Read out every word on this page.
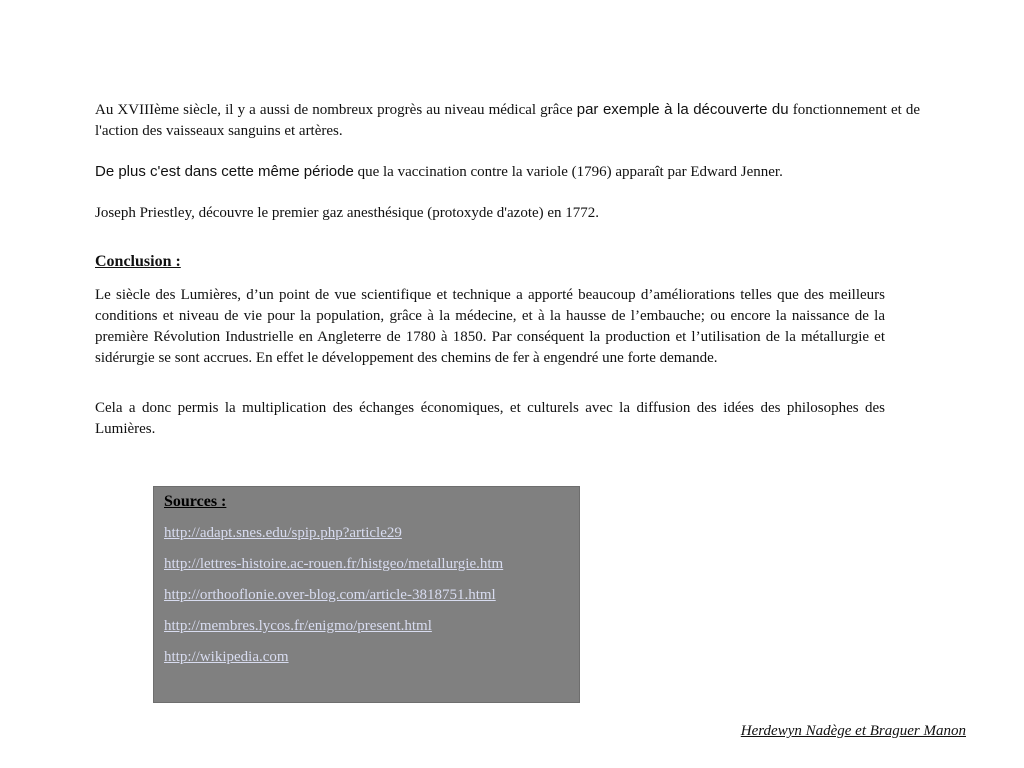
Au XVIIIème siècle, il y a aussi de nombreux progrès au niveau médical grâce par exemple à la découverte du fonctionnement et de l'action des vaisseaux sanguins et artères.

De plus c'est dans cette même période que la vaccination contre la variole (1796) apparaît par Edward Jenner.

Joseph Priestley, découvre le premier gaz anesthésique (protoxyde d'azote) en 1772.

Conclusion :

Le siècle des Lumières, d’un point de vue scientifique et technique a apporté beaucoup d’améliorations telles que des meilleurs conditions et niveau de vie pour la population, grâce à la médecine, et à la hausse de l’embauche; ou encore la naissance de la première Révolution Industrielle en Angleterre de 1780 à 1850. Par conséquent la production et l’utilisation de la métallurgie et sidérurgie se sont accrues. En effet le développement des chemins de fer à engendré une forte demande.

Cela a donc permis la multiplication des échanges économiques, et culturels avec la diffusion des idées des philosophes des Lumières.

Sources :
http://adapt.snes.edu/spip.php?article29
http://lettres-histoire.ac-rouen.fr/histgeo/metallurgie.htm
http://orthooflonie.over-blog.com/article-3818751.html
http://membres.lycos.fr/enigmo/present.html
http://wikipedia.com

Herdewyn Nadège et Braguer Manon
